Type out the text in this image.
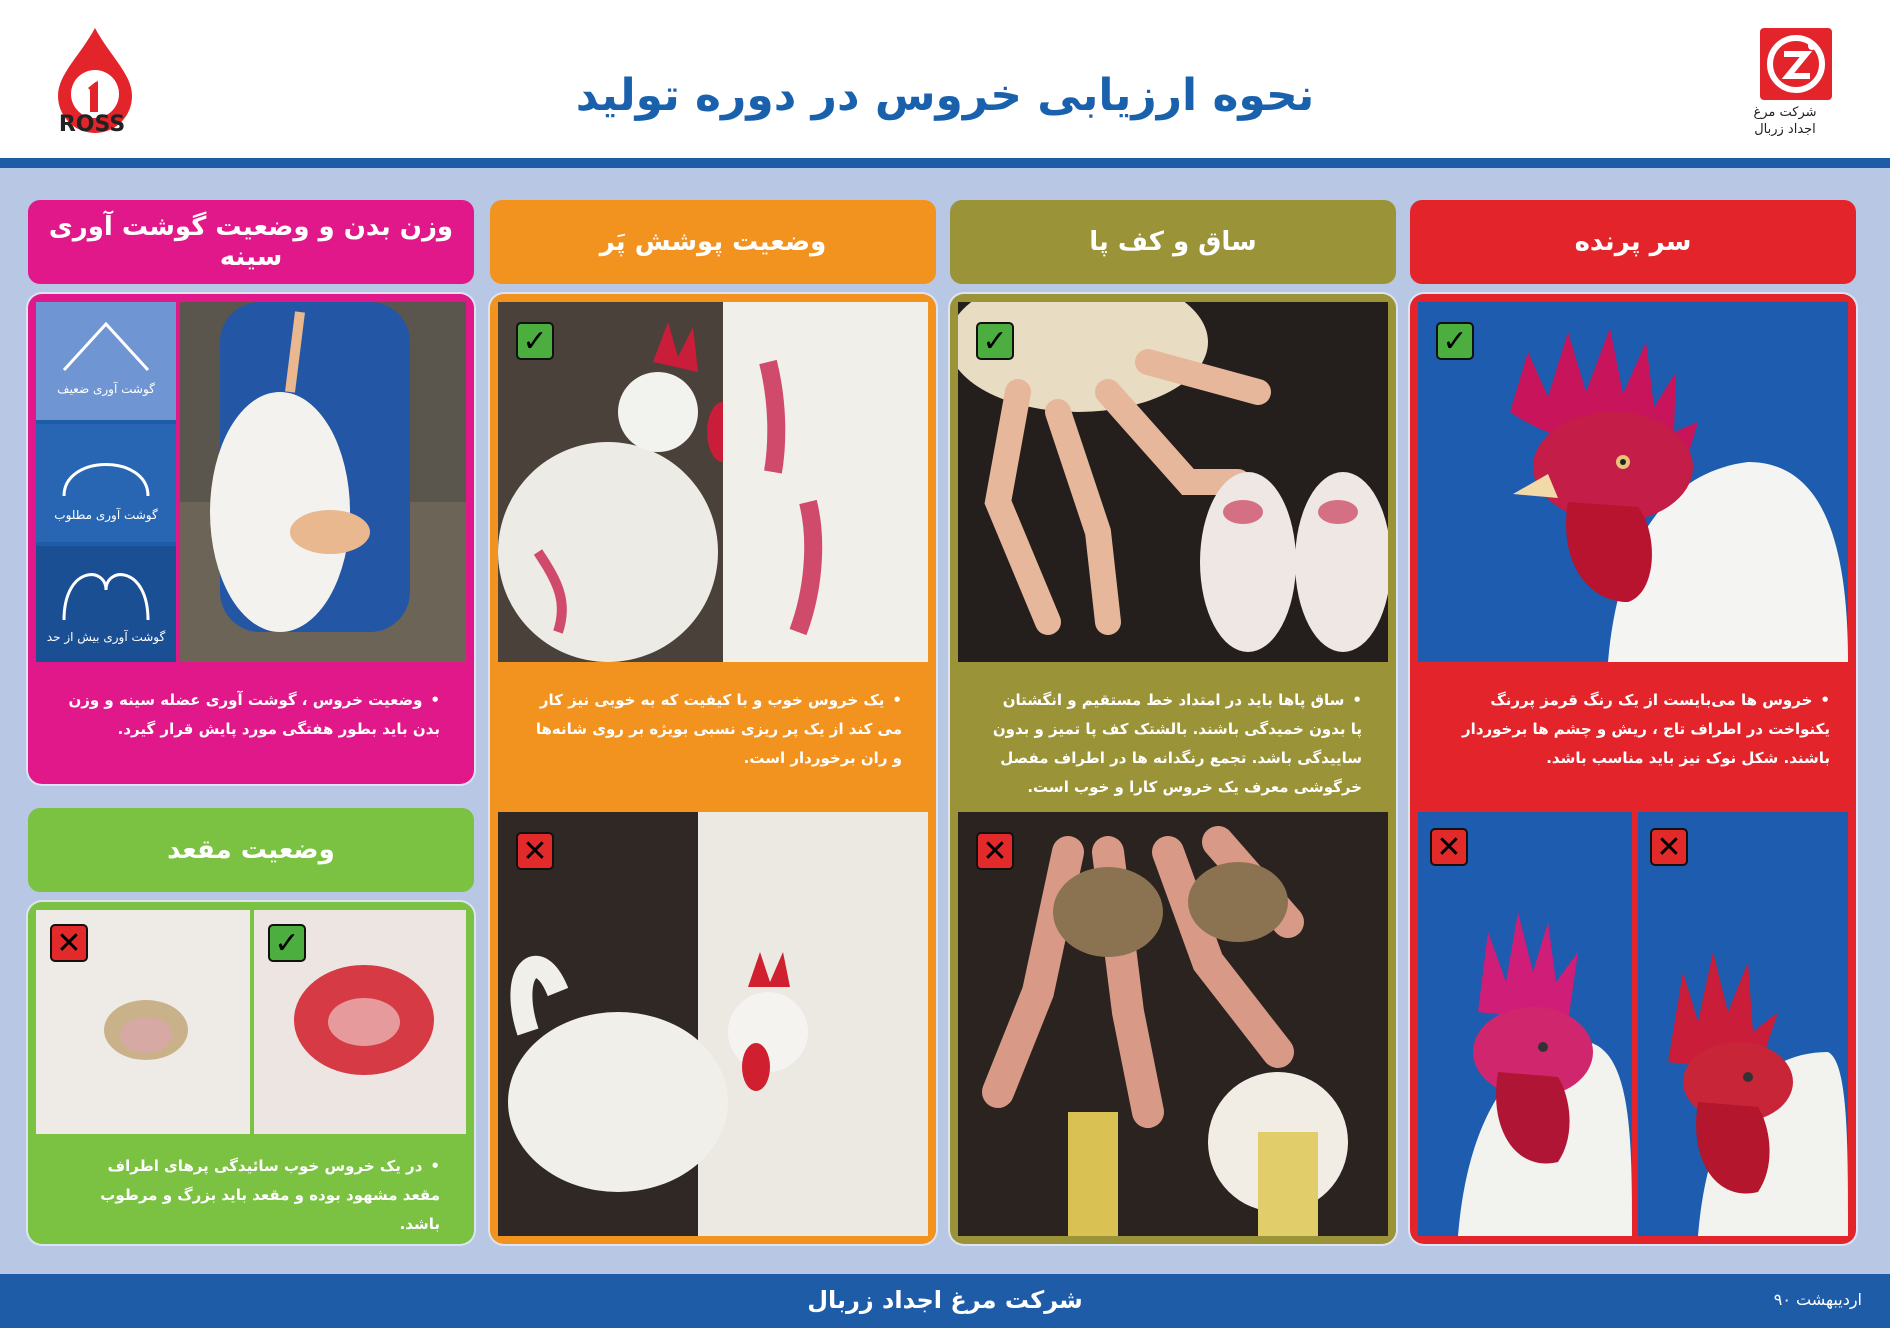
ROSS
نحوه ارزیابی خروس در دوره تولید	شرکت مرغ
اجداد زربال
سر پرنده
✓
• خروس ها می‌بایست از یک رنگ قرمز پررنگ یکنواخت در اطراف تاج ، ریش و چشم ها برخوردار باشند. شکل نوک نیز باید مناسب باشد.
✕	✕
ساق و کف پا
✓
• ساق پاها باید در امتداد خط مستقیم و انگشتان پا بدون خمیدگی باشند. بالشتک کف پا تمیز و بدون ساییدگی باشد. تجمع رنگدانه ها در اطراف مفصل خرگوشی معرف یک خروس کارا و خوب است.
✕
وضعیت پوشش پَر
✓
• یک خروس خوب و با کیفیت که به خوبی نیز کار می کند از یک پر ریزی نسبی بویژه بر روی شانه‌ها و ران برخوردار است.
✕
وزن بدن و وضعیت گوشت آوری سینه
گوشت آوری ضعیف
گوشت آوری مطلوب
گوشت آوری بیش از حد
• وضعیت خروس ، گوشت آوری عضله سینه و وزن بدن باید بطور هفتگی مورد پایش قرار گیرد.
وضعیت مقعد
✕	✓
• در یک خروس خوب سائیدگی پرهای اطراف مقعد مشهود بوده و مقعد باید بزرگ و مرطوب باشد.
شرکت مرغ اجداد زربال	اردیبهشت ۹۰
